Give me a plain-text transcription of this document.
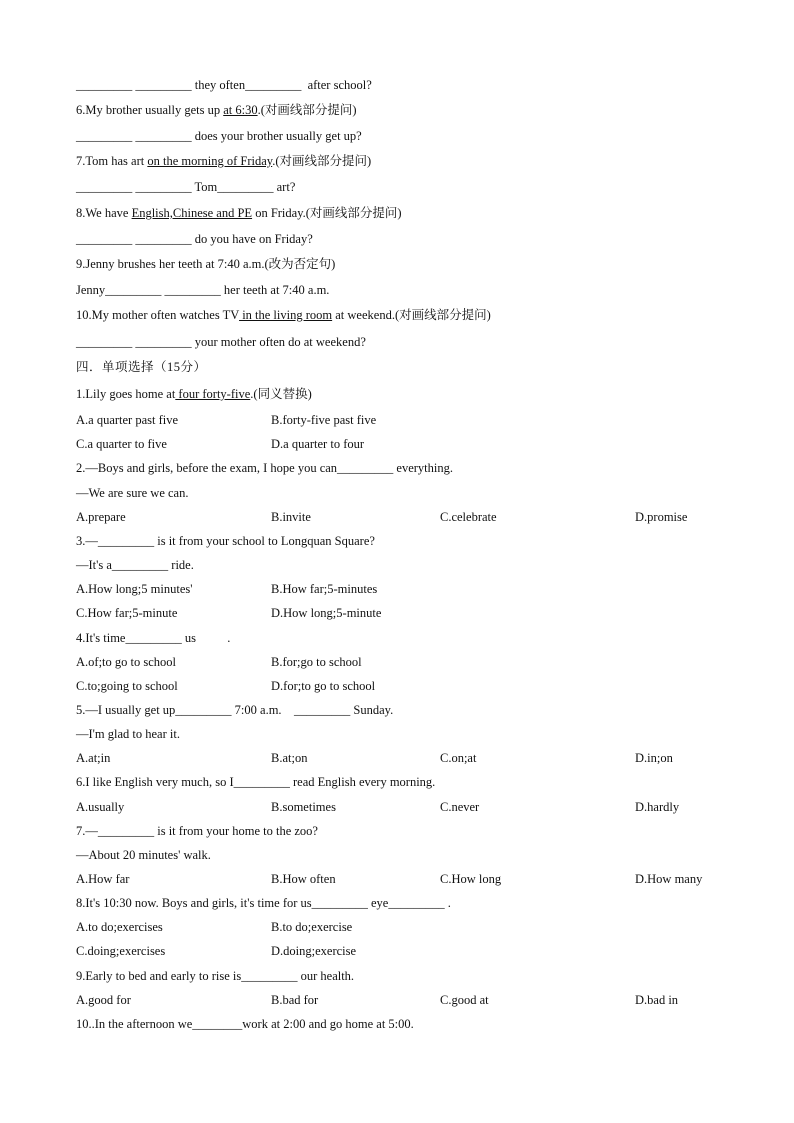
_________ _________ they often_________  after school?
6.My brother usually gets up at 6:30.(对画线部分提问)
_________ _________ does your brother usually get up?
7.Tom has art on the morning of Friday.(对画线部分提问)
_________ _________ Tom_________ art?
8.We have English,Chinese and PE on Friday.(对画线部分提问)
_________ _________ do you have on Friday?
9.Jenny brushes her teeth at 7:40 a.m.(改为否定句)
Jenny_________ _________ her teeth at 7:40 a.m.
10.My mother often watches TV in the living room at weekend.(对画线部分提问)
_________ _________ your mother often do at weekend?
四．单项选择（15分）
1.Lily goes home at four forty-five.(同义替换)
A.a quarter past five	B.forty-five past five
C.a quarter to five	D.a quarter to four
2.—Boys and girls, before the exam, I hope you can_________ everything.
—We are sure we can.
A.prepare	B.invite	C.celebrate	D.promise
3.—_________ is it from your school to Longquan Square?
—It's a_________ ride.
A.How long;5 minutes'	B.How far;5-minutes
C.How far;5-minute	D.How long;5-minute
4.It's time_________ us          .
A.of;to go to school	B.for;go to school
C.to;going to school	D.for;to go to school
5.—I usually get up_________ 7:00 a.m.    _________ Sunday.
—I'm glad to hear it.
A.at;in	B.at;on	C.on;at	D.in;on
6.I like English very much, so I_________ read English every morning.
A.usually	B.sometimes	C.never	D.hardly
7.—_________ is it from your home to the zoo?
—About 20 minutes' walk.
A.How far	B.How often	C.How long	D.How many
8.It's 10:30 now. Boys and girls, it's time for us_________ eye_________ .
A.to do;exercises	B.to do;exercise
C.doing;exercises	D.doing;exercise
9.Early to bed and early to rise is_________ our health.
A.good for	B.bad for	C.good at	D.bad in
10..In the afternoon we________work at 2:00 and go home at 5:00.
